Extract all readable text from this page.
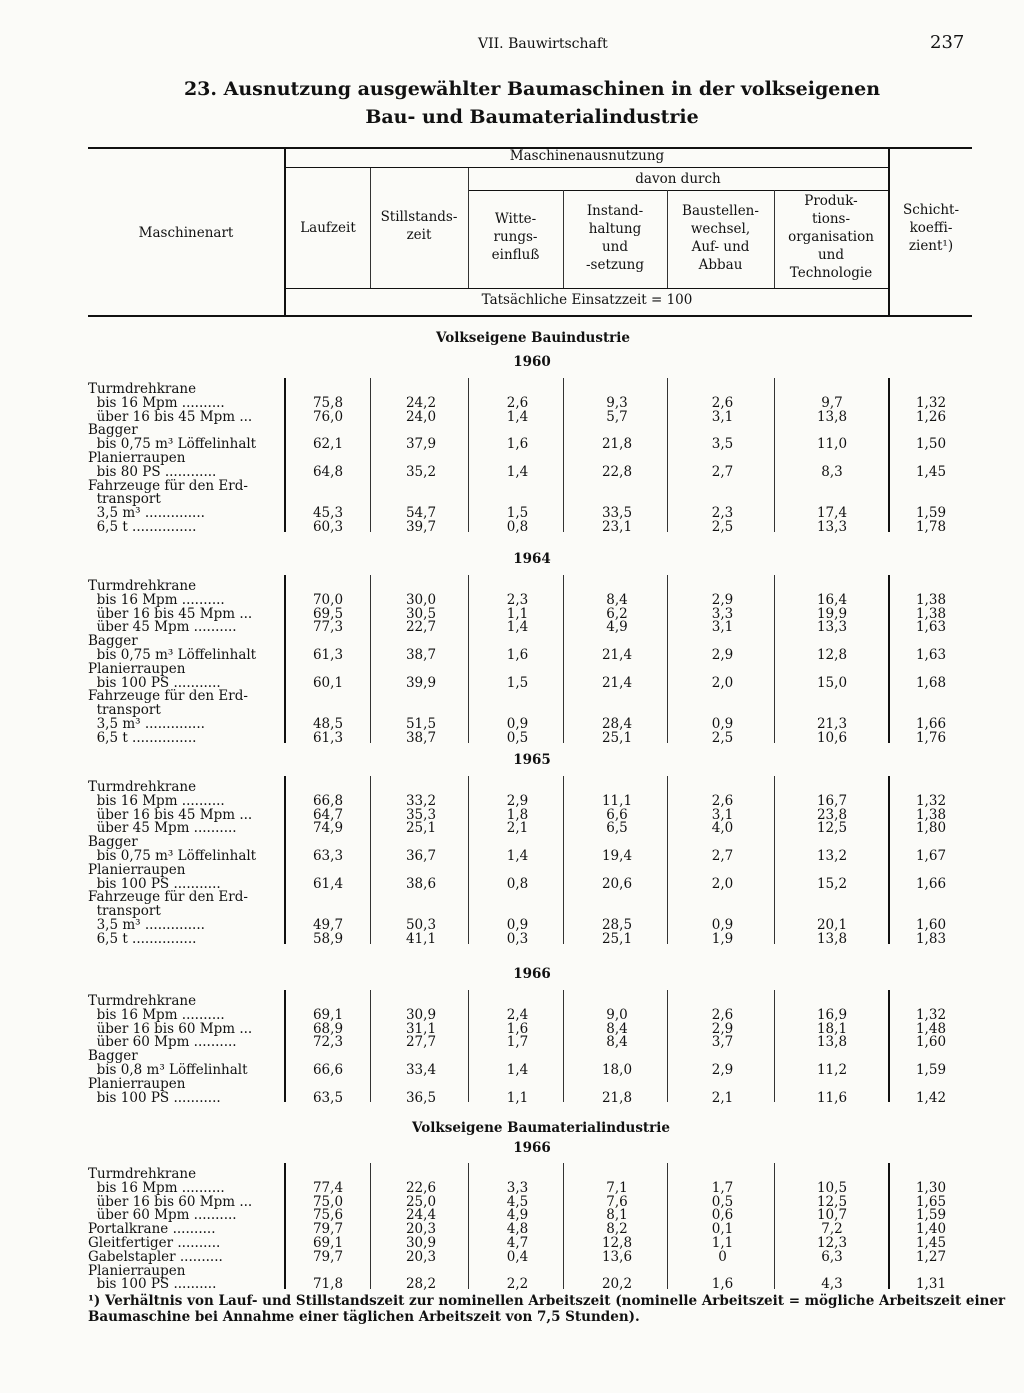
VII. Bauwirtschaft	237
23. Ausnutzung ausgewählter Baumaschinen in der volkseigenen
Bau- und Baumaterialindustrie
Maschinenart
Maschinenausnutzung
davon durch
Laufzeit
Stillstands-
zeit
Witte-
rungs-
einfluß
Instand-
haltung
und
-setzung
Baustellen-
wechsel,
Auf- und
Abbau
Produk-
tions-
organisation
und
Technologie
Schicht-
koeffi-
zient¹)
Tatsächliche Einsatzzeit = 100
Volkseigene Bauindustrie
Volkseigene Baumaterialindustrie
1960
Turmdrehkrane
bis 16 Mpm ..........	75,8	24,2	2,6	9,3	2,6	9,7	1,32
über 16 bis 45 Mpm ...	76,0	24,0	1,4	5,7	3,1	13,8	1,26
Bagger
bis 0,75 m³ Löffelinhalt	62,1	37,9	1,6	21,8	3,5	11,0	1,50
Planierraupen
bis 80 PS ............	64,8	35,2	1,4	22,8	2,7	8,3	1,45
Fahrzeuge für den Erd-
transport
3,5 m³ ..............	45,3	54,7	1,5	33,5	2,3	17,4	1,59
6,5 t ...............	60,3	39,7	0,8	23,1	2,5	13,3	1,78
1964
Turmdrehkrane
bis 16 Mpm ..........	70,0	30,0	2,3	8,4	2,9	16,4	1,38
über 16 bis 45 Mpm ...	69,5	30,5	1,1	6,2	3,3	19,9	1,38
über 45 Mpm ..........	77,3	22,7	1,4	4,9	3,1	13,3	1,63
Bagger
bis 0,75 m³ Löffelinhalt	61,3	38,7	1,6	21,4	2,9	12,8	1,63
Planierraupen
bis 100 PS ...........	60,1	39,9	1,5	21,4	2,0	15,0	1,68
Fahrzeuge für den Erd-
transport
3,5 m³ ..............	48,5	51,5	0,9	28,4	0,9	21,3	1,66
6,5 t ...............	61,3	38,7	0,5	25,1	2,5	10,6	1,76
1965
Turmdrehkrane
bis 16 Mpm ..........	66,8	33,2	2,9	11,1	2,6	16,7	1,32
über 16 bis 45 Mpm ...	64,7	35,3	1,8	6,6	3,1	23,8	1,38
über 45 Mpm ..........	74,9	25,1	2,1	6,5	4,0	12,5	1,80
Bagger
bis 0,75 m³ Löffelinhalt	63,3	36,7	1,4	19,4	2,7	13,2	1,67
Planierraupen
bis 100 PS ...........	61,4	38,6	0,8	20,6	2,0	15,2	1,66
Fahrzeuge für den Erd-
transport
3,5 m³ ..............	49,7	50,3	0,9	28,5	0,9	20,1	1,60
6,5 t ...............	58,9	41,1	0,3	25,1	1,9	13,8	1,83
1966
Turmdrehkrane
bis 16 Mpm ..........	69,1	30,9	2,4	9,0	2,6	16,9	1,32
über 16 bis 60 Mpm ...	68,9	31,1	1,6	8,4	2,9	18,1	1,48
über 60 Mpm ..........	72,3	27,7	1,7	8,4	3,7	13,8	1,60
Bagger
bis 0,8 m³ Löffelinhalt	66,6	33,4	1,4	18,0	2,9	11,2	1,59
Planierraupen
bis 100 PS ...........	63,5	36,5	1,1	21,8	2,1	11,6	1,42
1966
Turmdrehkrane
bis 16 Mpm ..........	77,4	22,6	3,3	7,1	1,7	10,5	1,30
über 16 bis 60 Mpm ...	75,0	25,0	4,5	7,6	0,5	12,5	1,65
über 60 Mpm ..........	75,6	24,4	4,9	8,1	0,6	10,7	1,59
Portalkrane ..........	79,7	20,3	4,8	8,2	0,1	7,2	1,40
Gleitfertiger ..........	69,1	30,9	4,7	12,8	1,1	12,3	1,45
Gabelstapler ..........	79,7	20,3	0,4	13,6	0	6,3	1,27
Planierraupen
bis 100 PS ..........	71,8	28,2	2,2	20,2	1,6	4,3	1,31
¹) Verhältnis von Lauf- und Stillstandszeit zur nominellen Arbeitszeit (nominelle Arbeitszeit = mögliche Arbeitszeit einer
Baumaschine bei Annahme einer täglichen Arbeitszeit von 7,5 Stunden).
